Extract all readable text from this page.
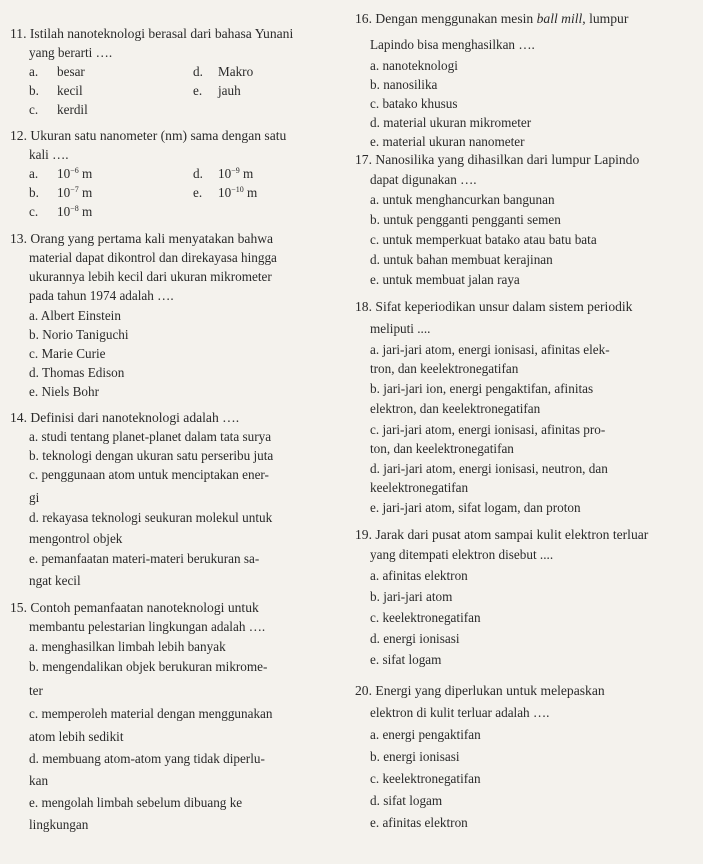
11. Istilah nanoteknologi berasal dari bahasa Yunani
yang berarti ….
a. besar	d. Makro
b. kecil	e. jauh
c. kerdil
12. Ukuran satu nanometer (nm) sama dengan satu
kali ….
a. $10^{-6}$ m	d. $10^{-9}$ m
b. $10^{-7}$ m	e. $10^{-10}$ m
c. $10^{-8}$ m
13. Orang yang pertama kali menyatakan bahwa
material dapat dikontrol dan direkayasa hingga
ukurannya lebih kecil dari ukuran mikrometer
pada tahun 1974 adalah ….
a. Albert Einstein
b. Norio Taniguchi
c. Marie Curie
d. Thomas Edison
e. Niels Bohr
14. Definisi dari nanoteknologi adalah ….
a. studi tentang planet-planet dalam tata surya
b. teknologi dengan ukuran satu perseribu juta
c. penggunaan atom untuk menciptakan ener-
gi
d. rekayasa teknologi seukuran molekul untuk
mengontrol objek
e. pemanfaatan materi-materi berukuran sa-
ngat kecil
15. Contoh pemanfaatan nanoteknologi untuk
membantu pelestarian lingkungan adalah ….
a. menghasilkan limbah lebih banyak
b. mengendalikan objek berukuran mikrome-
ter
c. memperoleh material dengan menggunakan
atom lebih sedikit
d. membuang atom-atom yang tidak diperlu-
kan
e. mengolah limbah sebelum dibuang ke
lingkungan
16. Dengan menggunakan mesin ball mill, lumpur
Lapindo bisa menghasilkan ….
a. nanoteknologi
b. nanosilika
c. batako khusus
d. material ukuran mikrometer
e. material ukuran nanometer
17. Nanosilika yang dihasilkan dari lumpur Lapindo
dapat digunakan ….
a. untuk menghancurkan bangunan
b. untuk pengganti pengganti semen
c. untuk memperkuat batako atau batu bata
d. untuk bahan membuat kerajinan
e. untuk membuat jalan raya
18. Sifat keperiodikan unsur dalam sistem periodik
meliputi ....
a. jari-jari atom, energi ionisasi, afinitas elek-
tron, dan keelektronegatifan
b. jari-jari ion, energi pengaktifan, afinitas
elektron, dan keelektronegatifan
c. jari-jari atom, energi ionisasi, afinitas pro-
ton, dan keelektronegatifan
d. jari-jari atom, energi ionisasi, neutron, dan
keelektronegatifan
e. jari-jari atom, sifat logam, dan proton
19. Jarak dari pusat atom sampai kulit elektron terluar
yang ditempati elektron disebut ....
a. afinitas elektron
b. jari-jari atom
c. keelektronegatifan
d. energi ionisasi
e. sifat logam
20. Energi yang diperlukan untuk melepaskan
elektron di kulit terluar adalah ….
a. energi pengaktifan
b. energi ionisasi
c. keelektronegatifan
d. sifat logam
e. afinitas elektron
